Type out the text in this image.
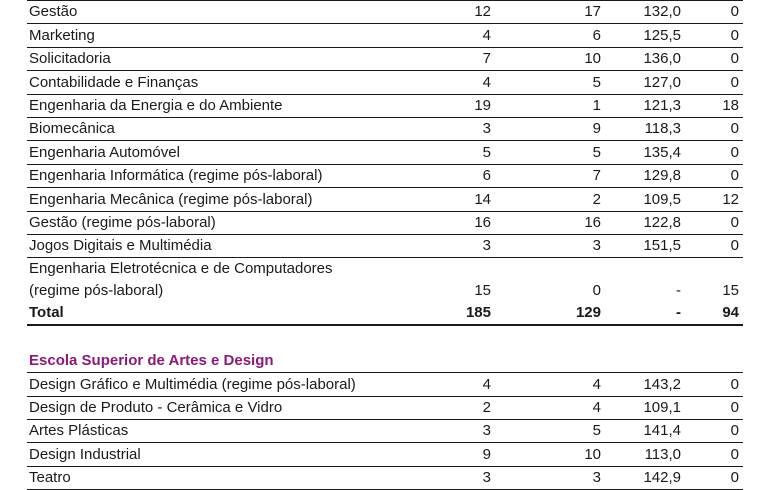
Gestão	12	17	132,0	0
Marketing	4	6	125,5	0
Solicitadoria	7	10	136,0	0
Contabilidade e Finanças	4	5	127,0	0
Engenharia da Energia e do Ambiente	19	1	121,3	18
Biomecânica	3	9	118,3	0
Engenharia Automóvel	5	5	135,4	0
Engenharia Informática (regime pós-laboral)	6	7	129,8	0
Engenharia Mecânica (regime pós-laboral)	14	2	109,5	12
Gestão (regime pós-laboral)	16	16	122,8	0
Jogos Digitais e Multimédia	3	3	151,5	0
Engenharia Eletrotécnica e de Computadores				
(regime pós-laboral)	15	0	-	15
Total	185	129	-	94

Escola Superior de Artes e Design				
Design Gráfico e Multimédia (regime pós-laboral)	4	4	143,2	0
Design de Produto - Cerâmica e Vidro	2	4	109,1	0
Artes Plásticas	3	5	141,4	0
Design Industrial	9	10	113,0	0
Teatro	3	3	142,9	0
